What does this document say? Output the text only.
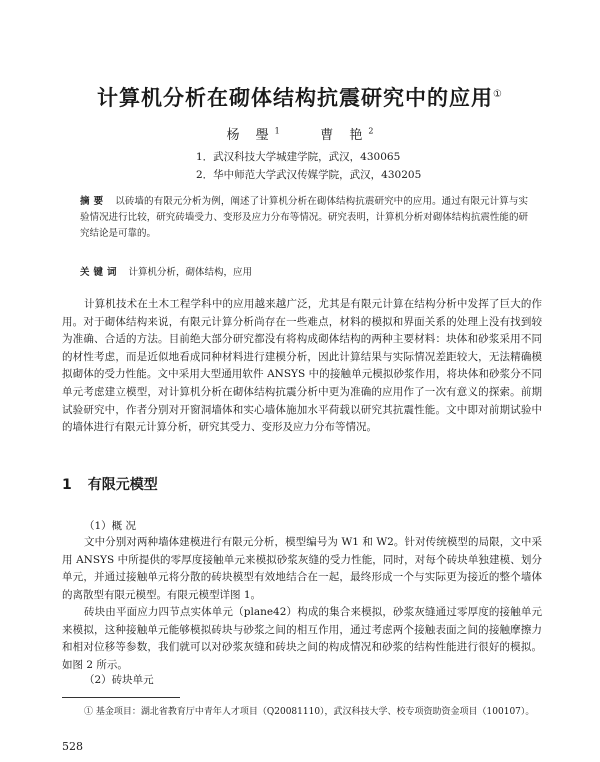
计算机分析在砌体结构抗震研究中的应用①
杨 璺$^1$	曹 艳$^2$
1．武汉科技大学城建学院，武汉，430065
2．华中师范大学武汉传媒学院，武汉，430205
摘要 以砖墙的有限元分析为例，阐述了计算机分析在砌体结构抗震研究中的应用。通过有限元计算与实验情况进行比较，研究砖墙受力、变形及应力分布等情况。研究表明，计算机分析对砌体结构抗震性能的研究结论是可靠的。
关键词 计算机分析，砌体结构，应用
计算机技术在土木工程学科中的应用越来越广泛，尤其是有限元计算在结构分析中发挥了巨大的作用。对于砌体结构来说，有限元计算分析尚存在一些难点，材料的模拟和界面关系的处理上没有找到较为准确、合适的方法。目前绝大部分研究都没有将构成砌体结构的两种主要材料：块体和砂浆采用不同的材性考虑，而是近似地看成同种材料进行建模分析，因此计算结果与实际情况差距较大，无法精确模拟砌体的受力性能。文中采用大型通用软件 ANSYS 中的接触单元模拟砂浆作用，将块体和砂浆分不同单元考虑建立模型，对计算机分析在砌体结构抗震分析中更为准确的应用作了一次有意义的探索。前期试验研究中，作者分别对开窗洞墙体和实心墙体施加水平荷载以研究其抗震性能。文中即对前期试验中的墙体进行有限元计算分析，研究其受力、变形及应力分布等情况。
1 有限元模型
（1）概 况
文中分别对两种墙体建模进行有限元分析，模型编号为 W1 和 W2。针对传统模型的局限，文中采用 ANSYS 中所提供的零厚度接触单元来模拟砂浆灰缝的受力性能，同时，对每个砖块单独建模、划分单元，并通过接触单元将分散的砖块模型有效地结合在一起，最终形成一个与实际更为接近的整个墙体的离散型有限元模型。有限元模型详图 1。
砖块由平面应力四节点实体单元（plane42）构成的集合来模拟，砂浆灰缝通过零厚度的接触单元来模拟，这种接触单元能够模拟砖块与砂浆之间的相互作用，通过考虑两个接触表面之间的接触摩擦力和相对位移等参数，我们就可以对砂浆灰缝和砖块之间的构成情况和砂浆的结构性能进行很好的模拟。如图 2 所示。
（2）砖块单元
① 基金项目：湖北省教育厅中青年人才项目（Q20081110），武汉科技大学、校专项资助资金项目（100107）。
528
